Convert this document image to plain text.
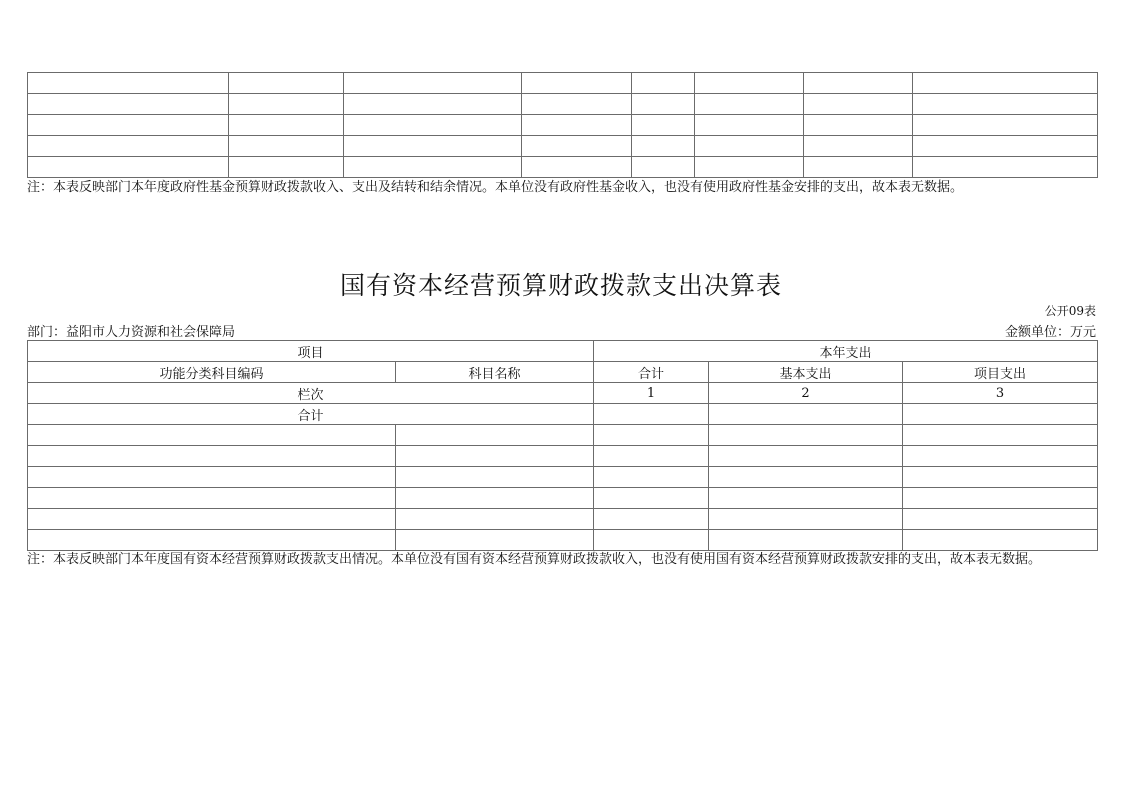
注：本表反映部门本年度政府性基金预算财政拨款收入、支出及结转和结余情况。本单位没有政府性基金收入，也没有使用政府性基金安排的支出，故本表无数据。
国有资本经营预算财政拨款支出决算表
公开09表
部门：益阳市人力资源和社会保障局	金额单位：万元
项目		本年支出		
功能分类科目编码	科目名称	合计	基本支出	项目支出
栏次		1	2	3
合计				

注：本表反映部门本年度国有资本经营预算财政拨款支出情况。本单位没有国有资本经营预算财政拨款收入，也没有使用国有资本经营预算财政拨款安排的支出，故本表无数据。
